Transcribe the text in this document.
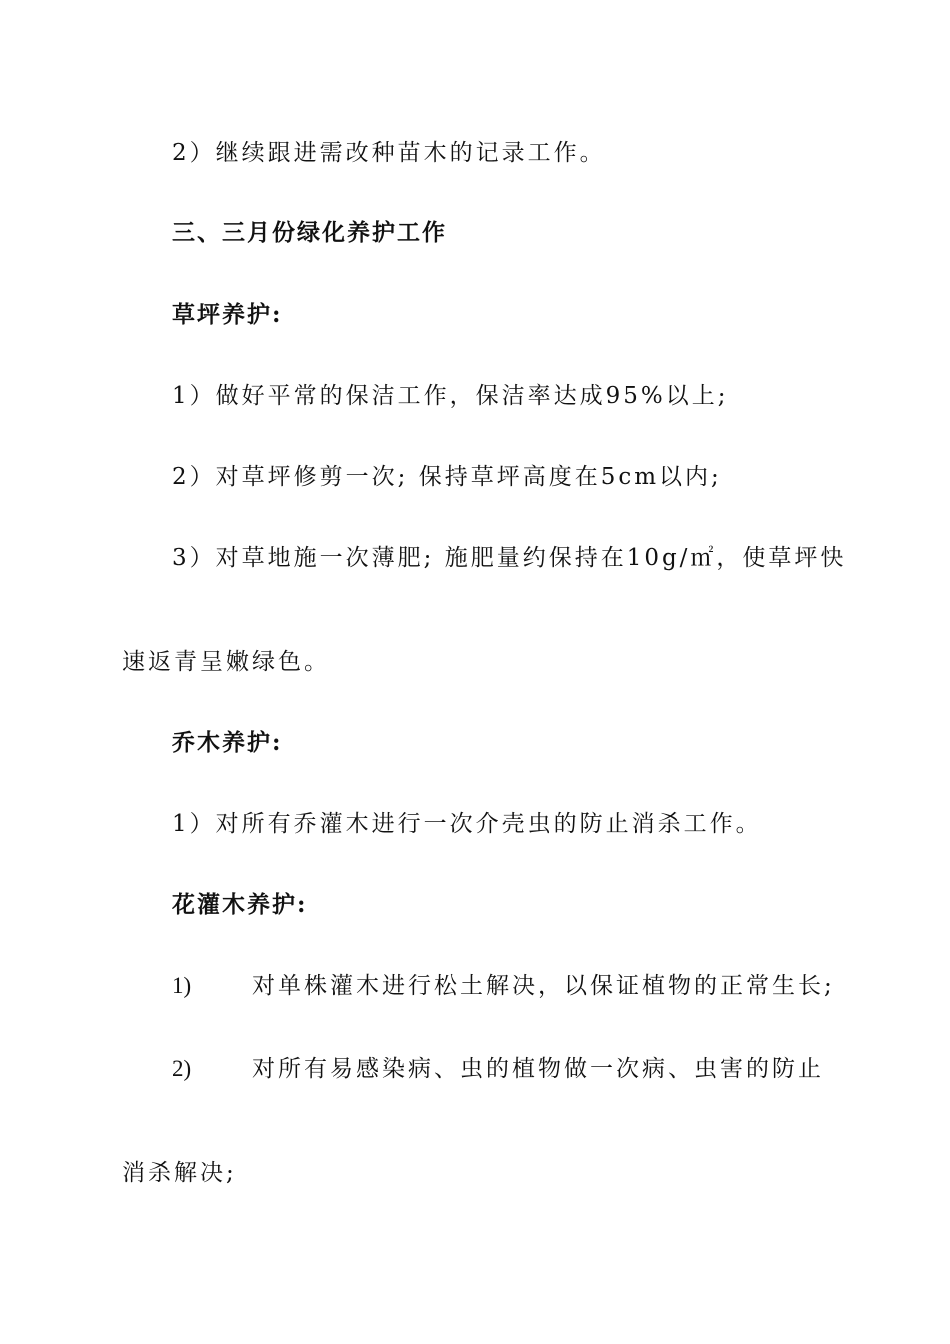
2）继续跟进需改种苗木的记录工作。
三、三月份绿化养护工作
草坪养护:
1）做好平常的保洁工作，保洁率达成95%以上;
2）对草坪修剪一次; 保持草坪高度在5cm以内;
3）对草地施一次薄肥; 施肥量约保持在10g/㎡，使草坪快
速返青呈嫩绿色。
乔木养护:
1）对所有乔灌木进行一次介壳虫的防止消杀工作。
花灌木养护:
1)	对单株灌木进行松土解决，以保证植物的正常生长;
2)	对所有易感染病、虫的植物做一次病、虫害的防止
消杀解决;
